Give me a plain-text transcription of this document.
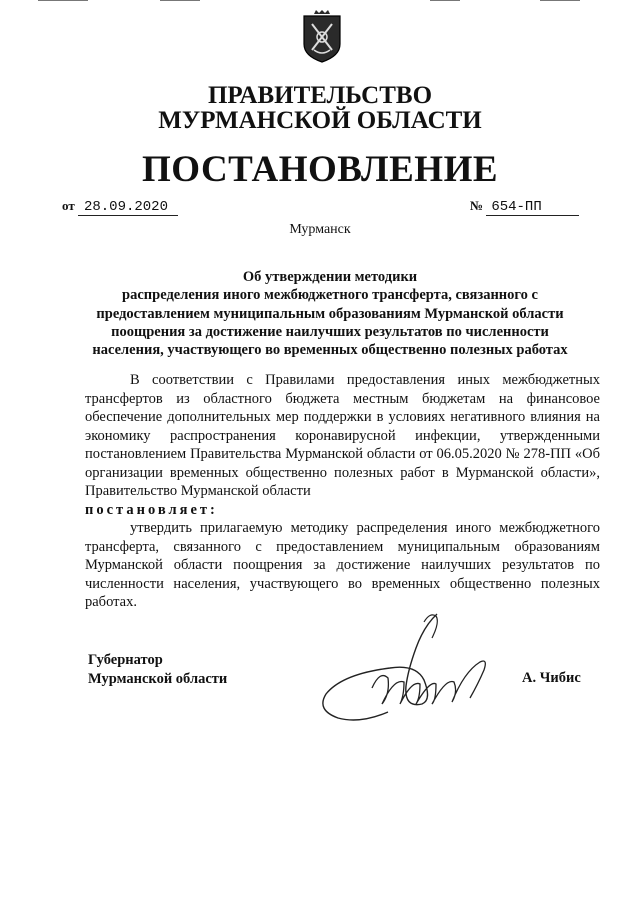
ПРАВИТЕЛЬСТВО
МУРМАНСКОЙ ОБЛАСТИ
ПОСТАНОВЛЕНИЕ
от 28.09.2020	№ 654-ПП
Мурманск
Об утверждении методики
распределения иного межбюджетного трансферта, связанного с
предоставлением муниципальным образованиям Мурманской области
поощрения за достижение наилучших результатов по численности
населения, участвующего во временных общественно полезных работах

В соответствии с Правилами предоставления иных межбюджетных трансфертов из областного бюджета местным бюджетам на финансовое обеспечение дополнительных мер поддержки в условиях негативного влияния на экономику распространения коронавирусной инфекции, утвержденными постановлением Правительства Мурманской области от 06.05.2020 № 278-ПП «Об организации временных общественно полезных работ в Мурманской области», Правительство Мурманской области

постановляет:

утвердить прилагаемую методику распределения иного межбюджетного трансферта, связанного с предоставлением муниципальным образованиям Мурманской области поощрения за достижение наилучших результатов по численности населения, участвующего во временных общественно полезных работах.

Губернатор
Мурманской области	А. Чибис
